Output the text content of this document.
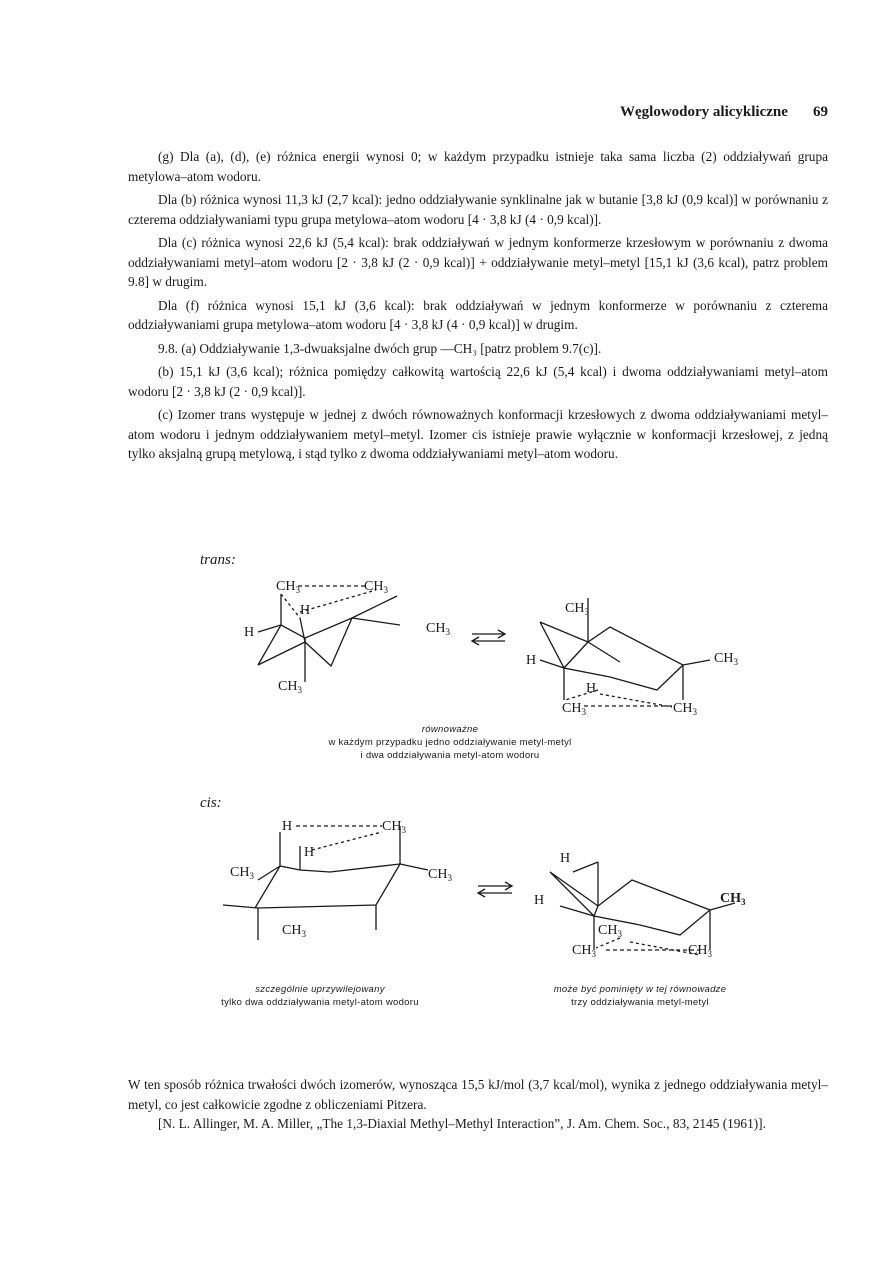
Węglowodory alicykliczne 69

(g) Dla (a), (d), (e) różnica energii wynosi 0; w każdym przypadku istnieje taka sama liczba (2) oddziaływań grupa metylowa–atom wodoru.

Dla (b) różnica wynosi 11,3 kJ (2,7 kcal): jedno oddziaływanie synklinalne jak w butanie [3,8 kJ (0,9 kcal)] w porównaniu z czterema oddziaływaniami typu grupa metylowa–atom wodoru [4 · 3,8 kJ (4 · 0,9 kcal)].

Dla (c) różnica wynosi 22,6 kJ (5,4 kcal): brak oddziaływań w jednym konformerze krzesłowym w porównaniu z dwoma oddziaływaniami metyl–atom wodoru [2 · 3,8 kJ (2 · 0,9 kcal)] + oddziaływanie metyl–metyl [15,1 kJ (3,6 kcal), patrz problem 9.8] w drugim.

Dla (f) różnica wynosi 15,1 kJ (3,6 kcal): brak oddziaływań w jednym konformerze w porównaniu z czterema oddziaływaniami grupa metylowa–atom wodoru [4 · 3,8 kJ (4 · 0,9 kcal)] w drugim.

9.8. (a) Oddziaływanie 1,3-dwuaksjalne dwóch grup —CH₃ [patrz problem 9.7(c)].

(b) 15,1 kJ (3,6 kcal); różnica pomiędzy całkowitą wartością 22,6 kJ (5,4 kcal) i dwoma oddziaływaniami metyl–atom wodoru [2 · 3,8 kJ (2 · 0,9 kcal)].

(c) Izomer trans występuje w jednej z dwóch równoważnych konformacji krzesłowych z dwoma oddziaływaniami metyl–atom wodoru i jednym oddziaływaniem metyl–metyl. Izomer cis istnieje prawie wyłącznie w konformacji krzesłowej, z jedną tylko aksjalną grupą metylową, i stąd tylko z dwoma oddziaływaniami metyl–atom wodoru.

trans:
cis:
$CH_3$	$CH_3$
H
H	$CH_3$
$CH_3$
$CH_3$
H	$CH_3$
H
$CH_3$	$CH_3$
H	$CH_3$
H
$CH_3$	$CH_3$
$CH_3$
H
H	$CH_3$
$CH_3$
$CH_3$	$CH_3$
równoważne
w każdym przypadku jedno oddziaływanie metyl-metyl
i dwa oddziaływania metyl-atom wodoru
szczególnie uprzywilejowany
tylko dwa oddziaływania metyl-atom wodoru
może być pominięty w tej równowadze
trzy oddziaływania metyl-metyl

W ten sposób różnica trwałości dwóch izomerów, wynosząca 15,5 kJ/mol (3,7 kcal/mol), wynika z jednego oddziaływania metyl–metyl, co jest całkowicie zgodne z obliczeniami Pitzera.

[N. L. Allinger, M. A. Miller, „The 1,3-Diaxial Methyl–Methyl Interaction”, J. Am. Chem. Soc., 83, 2145 (1961)].
